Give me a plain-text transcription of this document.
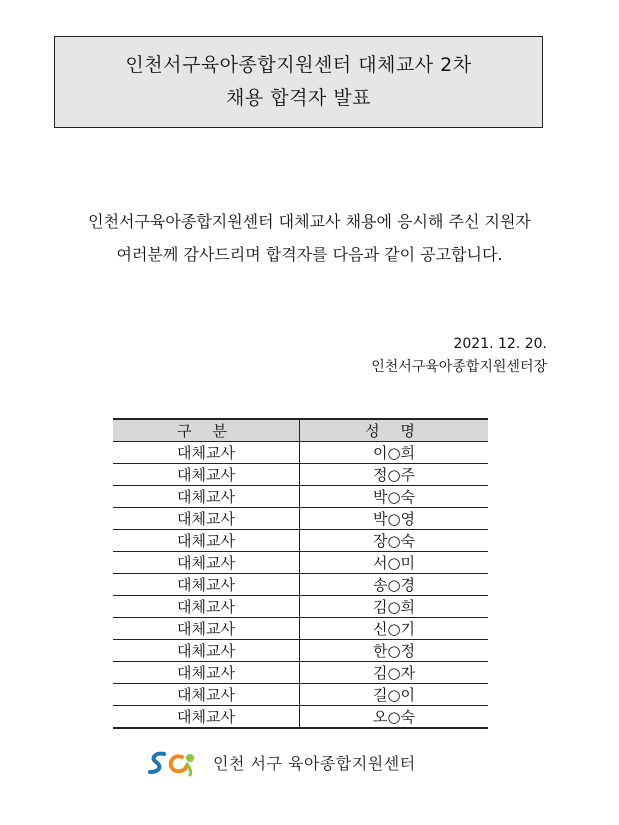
인천서구육아종합지원센터 대체교사 2차
채용 합격자 발표
인천서구육아종합지원센터 대체교사 채용에 응시해 주신 지원자
여러분께 감사드리며 합격자를 다음과 같이 공고합니다.
2021. 12. 20.
인천서구육아종합지원센터장
구 분	성 명
대체교사	이○희
대체교사	정○주
대체교사	박○숙
대체교사	박○영
대체교사	장○숙
대체교사	서○미
대체교사	송○경
대체교사	김○희
대체교사	신○기
대체교사	한○정
대체교사	김○자
대체교사	길○이
대체교사	오○숙
인천 서구 육아종합지원센터
